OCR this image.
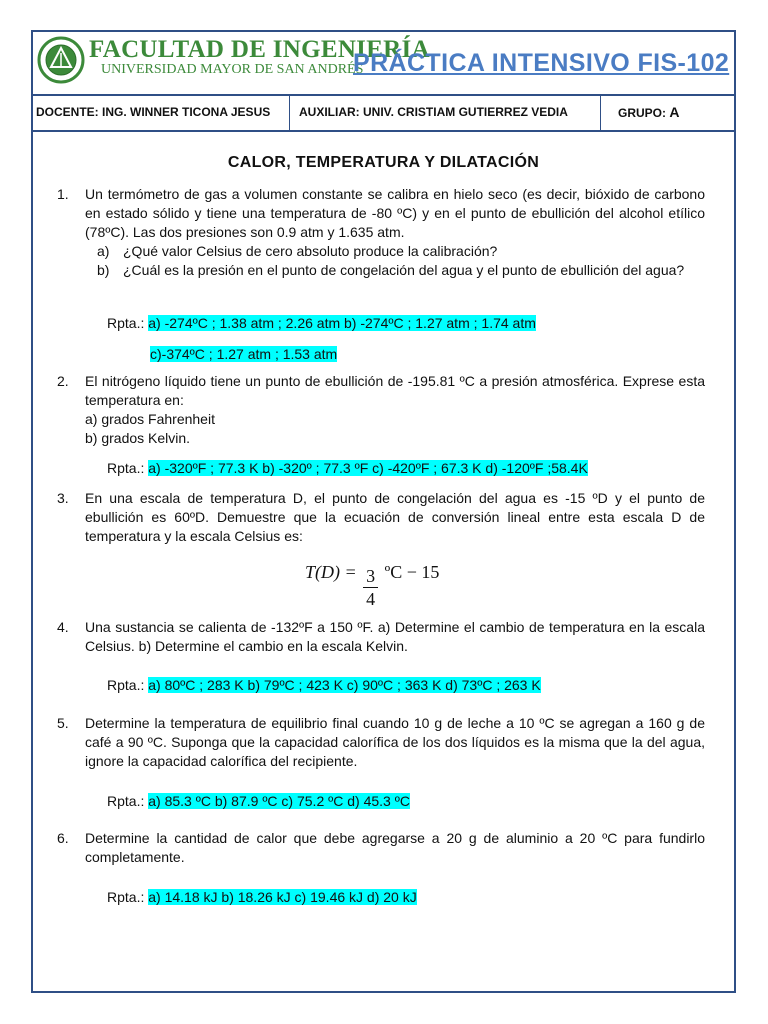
FACULTAD DE INGENIERÍA
UNIVERSIDAD MAYOR DE SAN ANDRÉS
PRÁCTICA INTENSIVO FIS-102
DOCENTE: ING. WINNER TICONA JESUS	AUXILIAR: UNIV. CRISTIAM GUTIERREZ VEDIA	GRUPO: A
CALOR, TEMPERATURA Y DILATACIÓN
1. Un termómetro de gas a volumen constante se calibra en hielo seco (es decir, bióxido de carbono en estado sólido y tiene una temperatura de -80 ºC) y en el punto de ebullición del alcohol etílico (78ºC). Las dos presiones son 0.9 atm y 1.635 atm.
a) ¿Qué valor Celsius de cero absoluto produce la calibración?
b) ¿Cuál es la presión en el punto de congelación del agua y el punto de ebullición del agua?
Rpta.: a) -274ºC ; 1.38 atm ; 2.26 atm b) -274ºC ; 1.27 atm ; 1.74 atm
c)-374ºC ; 1.27 atm ; 1.53 atm
2. El nitrógeno líquido tiene un punto de ebullición de -195.81 ºC a presión atmosférica. Exprese esta temperatura en:
a) grados Fahrenheit
b) grados Kelvin.
Rpta.: a) -320ºF ; 77.3 K b) -320º ; 77.3 ºF c) -420ºF ; 67.3 K d) -120ºF ;58.4K
3. En una escala de temperatura D, el punto de congelación del agua es -15 ºD y el punto de ebullición es 60ºD. Demuestre que la ecuación de conversión lineal entre esta escala D de temperatura y la escala Celsius es:
$T(D) = \frac{3}{4}$ ºC − 15
4. Una sustancia se calienta de -132ºF a 150 ºF. a) Determine el cambio de temperatura en la escala Celsius. b) Determine el cambio en la escala Kelvin.
Rpta.: a) 80ºC ; 283 K b) 79ºC ; 423 K c) 90ºC ; 363 K d) 73ºC ; 263 K
5. Determine la temperatura de equilibrio final cuando 10 g de leche a 10 ºC se agregan a 160 g de café a 90 ºC. Suponga que la capacidad calorífica de los dos líquidos es la misma que la del agua, ignore la capacidad calorífica del recipiente.
Rpta.: a) 85.3 ºC b) 87.9 ºC c) 75.2 ºC d) 45.3 ºC
6. Determine la cantidad de calor que debe agregarse a 20 g de aluminio a 20 ºC para fundirlo completamente.
Rpta.: a) 14.18 kJ b) 18.26 kJ c) 19.46 kJ d) 20 kJ
